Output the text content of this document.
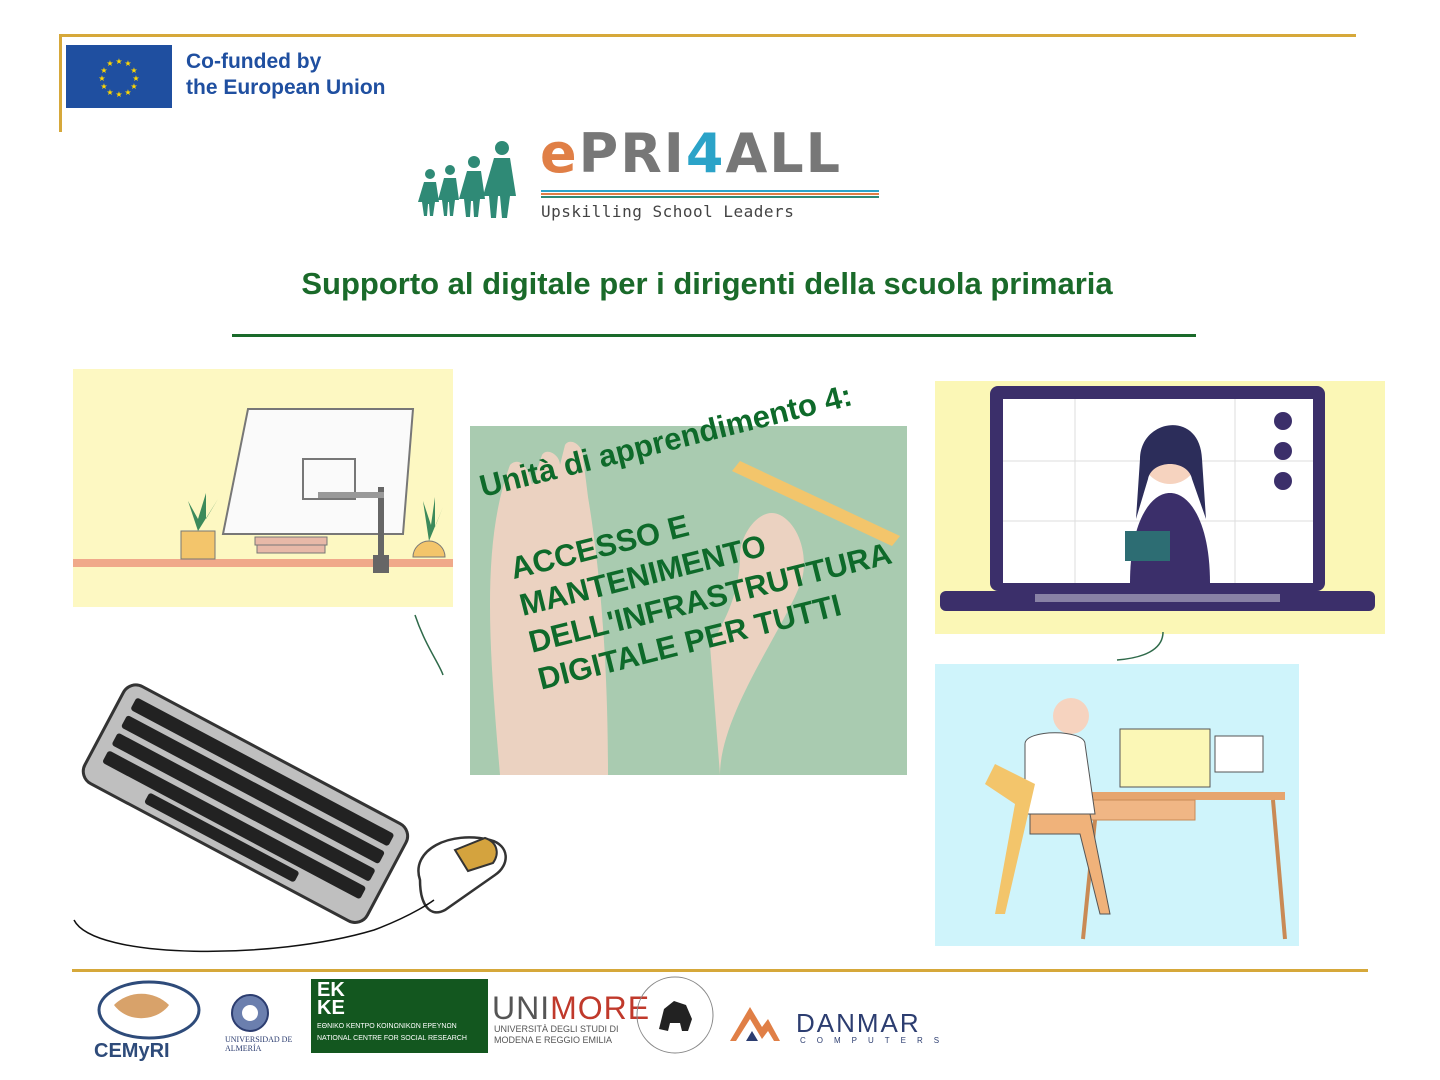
★ ★
★
★
★
★
★
★
★
★
★
★	Co-funded by
the European Union
ePRI4ALL
Upskilling School Leaders
Supporto al digitale per i dirigenti della scuola primaria
Unità di apprendimento 4:
ACCESSO E MANTENIMENTO DELL'INFRASTRUTTURA DIGITALE PER TUTTI
CEMyRI
UNIVERSIDAD DE ALMERÍA
EK KE
ΕΘΝΙΚΟ ΚΕΝΤΡΟ ΚΟΙΝΩΝΙΚΩΝ ΕΡΕΥΝΩΝ
NATIONAL CENTRE FOR SOCIAL RESEARCH
UNIMORE
UNIVERSITÀ DEGLI STUDI DI
MODENA E REGGIO EMILIA
DANMAR
COMPUTERS
